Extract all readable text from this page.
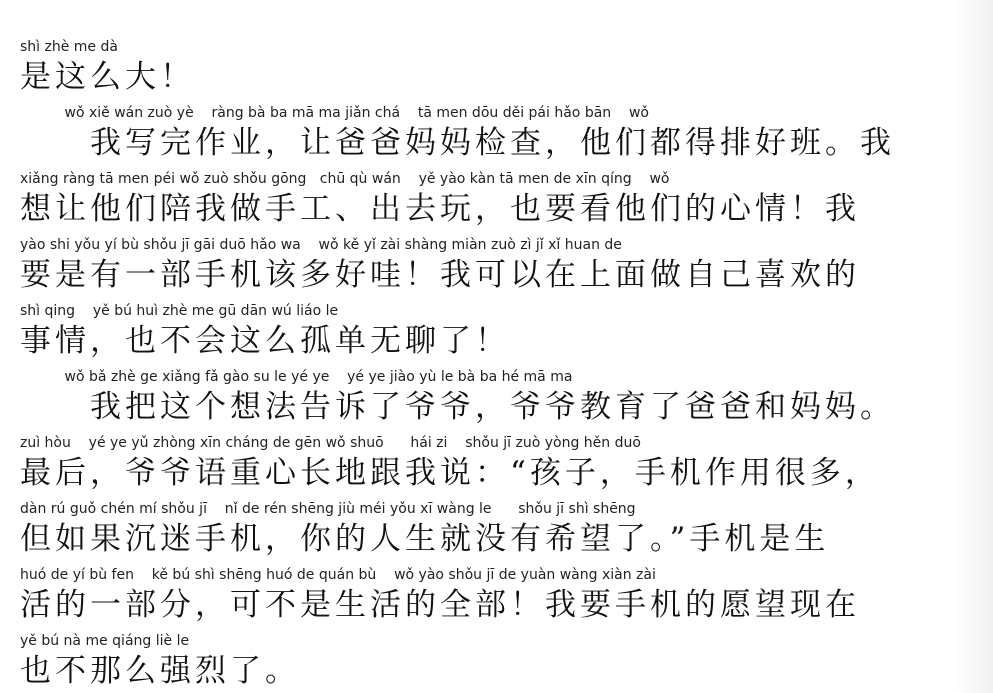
shì zhè me dà
是这么大！
wǒ xiě wán zuò yè    ràng bà ba mā ma jiǎn chá    tā men dōu děi pái hǎo bān    wǒ
　　我写完作业，让爸爸妈妈检查，他们都得排好班。我
xiǎng ràng tā men péi wǒ zuò shǒu gōng   chū qù wán    yě yào kàn tā men de xīn qíng    wǒ
想让他们陪我做手工、出去玩，也要看他们的心情！我
yào shi yǒu yí bù shǒu jī gāi duō hǎo wa    wǒ kě yǐ zài shàng miàn zuò zì jǐ xǐ huan de
要是有一部手机该多好哇！我可以在上面做自己喜欢的
shì qing    yě bú huì zhè me gū dān wú liáo le
事情，也不会这么孤单无聊了！
wǒ bǎ zhè ge xiǎng fǎ gào su le yé ye    yé ye jiào yù le bà ba hé mā ma
　　我把这个想法告诉了爷爷，爷爷教育了爸爸和妈妈。
zuì hòu    yé ye yǔ zhòng xīn cháng de gēn wǒ shuō      hái zi    shǒu jī zuò yòng hěn duō
最后，爷爷语重心长地跟我说：“孩子，手机作用很多，
dàn rú guǒ chén mí shǒu jī    nǐ de rén shēng jiù méi yǒu xī wàng le      shǒu jī shì shēng
但如果沉迷手机，你的人生就没有希望了。”手机是生
huó de yí bù fen    kě bú shì shēng huó de quán bù    wǒ yào shǒu jī de yuàn wàng xiàn zài
活的一部分，可不是生活的全部！我要手机的愿望现在
yě bú nà me qiáng liè le
也不那么强烈了。
